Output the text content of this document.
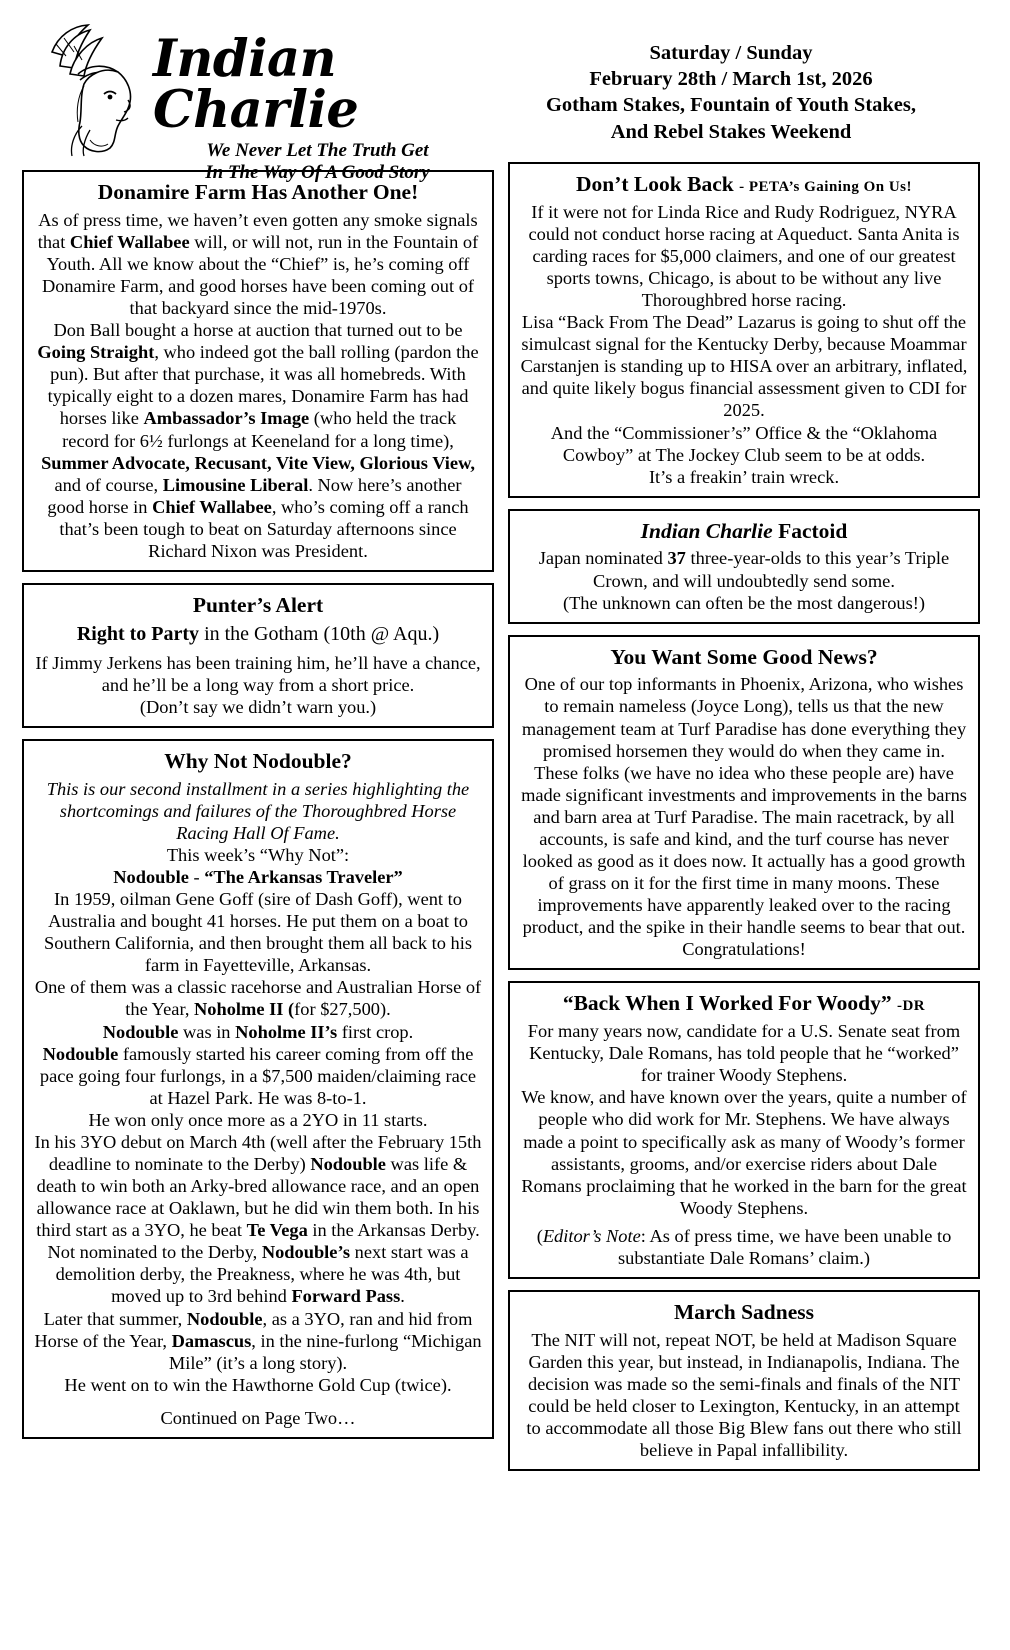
Indian Charlie
We Never Let The Truth Get
In The Way Of A Good Story
Saturday / Sunday
February 28th / March 1st, 2026
Gotham Stakes, Fountain of Youth Stakes,
And Rebel Stakes Weekend
Donamire Farm Has Another One!

As of press time, we haven’t even gotten any smoke signals that Chief Wallabee will, or will not, run in the Fountain of Youth. All we know about the “Chief” is, he’s coming off Donamire Farm, and good horses have been coming out of that backyard since the mid-1970s.

Don Ball bought a horse at auction that turned out to be Going Straight, who indeed got the ball rolling (pardon the pun). But after that purchase, it was all homebreds. With typically eight to a dozen mares, Donamire Farm has had horses like Ambassador’s Image (who held the track record for 6½ furlongs at Keeneland for a long time), Summer Advocate, Recusant, Vite View, Glorious View, and of course, Limousine Liberal. Now here’s another good horse in Chief Wallabee, who’s coming off a ranch that’s been tough to beat on Saturday afternoons since Richard Nixon was President.

Punter’s Alert

Right to Party in the Gotham (10th @ Aqu.)

If Jimmy Jerkens has been training him, he’ll have a chance, and he’ll be a long way from a short price.
(Don’t say we didn’t warn you.)

Why Not Nodouble?

This is our second installment in a series highlighting the shortcomings and failures of the Thoroughbred Horse Racing Hall Of Fame.

This week’s “Why Not”:

Nodouble - “The Arkansas Traveler”

In 1959, oilman Gene Goff (sire of Dash Goff), went to Australia and bought 41 horses. He put them on a boat to Southern California, and then brought them all back to his farm in Fayetteville, Arkansas.

One of them was a classic racehorse and Australian Horse of the Year, Noholme II (for $27,500).

Nodouble was in Noholme II’s first crop.

Nodouble famously started his career coming from off the pace going four furlongs, in a $7,500 maiden/claiming race at Hazel Park. He was 8-to-1.

He won only once more as a 2YO in 11 starts.

In his 3YO debut on March 4th (well after the February 15th deadline to nominate to the Derby) Nodouble was life & death to win both an Arky-bred allowance race, and an open allowance race at Oaklawn, but he did win them both. In his third start as a 3YO, he beat Te Vega in the Arkansas Derby.

Not nominated to the Derby, Nodouble’s next start was a demolition derby, the Preakness, where he was 4th, but moved up to 3rd behind Forward Pass.

Later that summer, Nodouble, as a 3YO, ran and hid from Horse of the Year, Damascus, in the nine-furlong “Michigan Mile” (it’s a long story).

He went on to win the Hawthorne Gold Cup (twice).

Continued on Page Two…
Don’t Look Back - PETA’s Gaining On Us!

If it were not for Linda Rice and Rudy Rodriguez, NYRA could not conduct horse racing at Aqueduct. Santa Anita is carding races for $5,000 claimers, and one of our greatest sports towns, Chicago, is about to be without any live Thoroughbred horse racing.

Lisa “Back From The Dead” Lazarus is going to shut off the simulcast signal for the Kentucky Derby, because Moammar Carstanjen is standing up to HISA over an arbitrary, inflated, and quite likely bogus financial assessment given to CDI for 2025.

And the “Commissioner’s” Office & the “Oklahoma Cowboy” at The Jockey Club seem to be at odds.

It’s a freakin’ train wreck.

Indian Charlie Factoid

Japan nominated 37 three-year-olds to this year’s Triple Crown, and will undoubtedly send some.
(The unknown can often be the most dangerous!)

You Want Some Good News?

One of our top informants in Phoenix, Arizona, who wishes to remain nameless (Joyce Long), tells us that the new management team at Turf Paradise has done everything they promised horsemen they would do when they came in. These folks (we have no idea who these people are) have made significant investments and improvements in the barns and barn area at Turf Paradise. The main racetrack, by all accounts, is safe and kind, and the turf course has never looked as good as it does now. It actually has a good growth of grass on it for the first time in many moons. These improvements have apparently leaked over to the racing product, and the spike in their handle seems to bear that out.

Congratulations!

“Back When I Worked For Woody” -DR

For many years now, candidate for a U.S. Senate seat from Kentucky, Dale Romans, has told people that he “worked” for trainer Woody Stephens.

We know, and have known over the years, quite a number of people who did work for Mr. Stephens. We have always made a point to specifically ask as many of Woody’s former assistants, grooms, and/or exercise riders about Dale Romans proclaiming that he worked in the barn for the great Woody Stephens.

(Editor’s Note: As of press time, we have been unable to substantiate Dale Romans’ claim.)

March Sadness

The NIT will not, repeat NOT, be held at Madison Square Garden this year, but instead, in Indianapolis, Indiana. The decision was made so the semi-finals and finals of the NIT could be held closer to Lexington, Kentucky, in an attempt to accommodate all those Big Blew fans out there who still believe in Papal infallibility.
